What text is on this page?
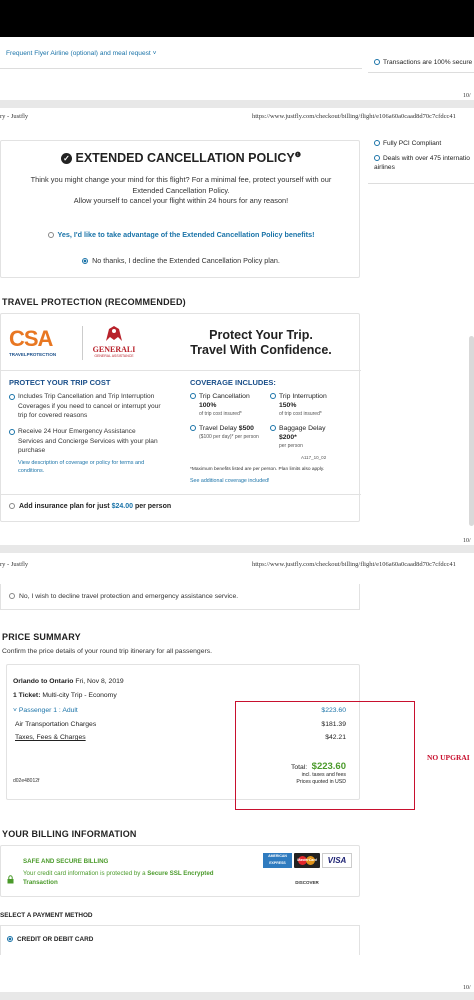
Frequent Flyer Airline (optional) and meal request ˅
Transactions are 100% secure
10/
ry - Justfly	https://www.justfly.com/checkout/billing/flight/e106a60a0caad8d70c7cfdcc41
Fully PCI Compliant
Deals with over 475 internatio airlines
✓ EXTENDED CANCELLATION $POLICY^❶$
Think you might change your mind for this flight? For a minimal fee, protect yourself with our
Extended Cancellation Policy.
Allow yourself to cancel your flight within 24 hours for any reason!
Yes, I'd like to take advantage of the Extended Cancellation Policy benefits!
No thanks, I decline the Extended Cancellation Policy plan.
TRAVEL PROTECTION (RECOMMENDED)
CSA
TRAVELPROTECTION
GENERALI
GENERAL ASSISTANCE
Protect Your Trip.
Travel With Confidence.
PROTECT YOUR TRIP COST
Includes Trip Cancellation and Trip Interruption Coverages if you need to cancel or interrupt your trip for covered reasons
Receive 24 Hour Emergency Assistance Services and Concierge Services with your plan purchase
View description of coverage or policy for terms and conditions.
COVERAGE INCLUDES:
Trip Cancellation
100%
of trip cost insured*
Trip Interruption
150%
of trip cost insured*
Travel Delay $500
($100 per day)* per person
Baggage Delay
$200*
per person
A117_10_02
*Maximum benefits listed are per person. Plan limits also apply.
See additional coverage included!
Add insurance plan for just $24.00 per person
10/
ry - Justfly	https://www.justfly.com/checkout/billing/flight/e106a60a0caad8d70c7cfdcc41
No, I wish to decline travel protection and emergency assistance service.
PRICE SUMMARY
Confirm the price details of your round trip itinerary for all passengers.
Orlando to Ontario Fri, Nov 8, 2019
1 Ticket: Multi-city Trip - Economy
˅ Passenger 1 : Adult	$223.60
Air Transportation Charges	$181.39
Taxes, Fees & Charges	$42.21
Total: $223.60
incl. taxes and fees
Prices quoted in USD
d02e48012f
NO UPGRAI
YOUR BILLING INFORMATION
SAFE AND SECURE BILLING
Your credit card information is protected by a Secure SSL Encrypted Transaction
AMERICAN EXPRESS
MasterCard	VISA
DISCOVER
SELECT A PAYMENT METHOD
CREDIT OR DEBIT CARD
10/
